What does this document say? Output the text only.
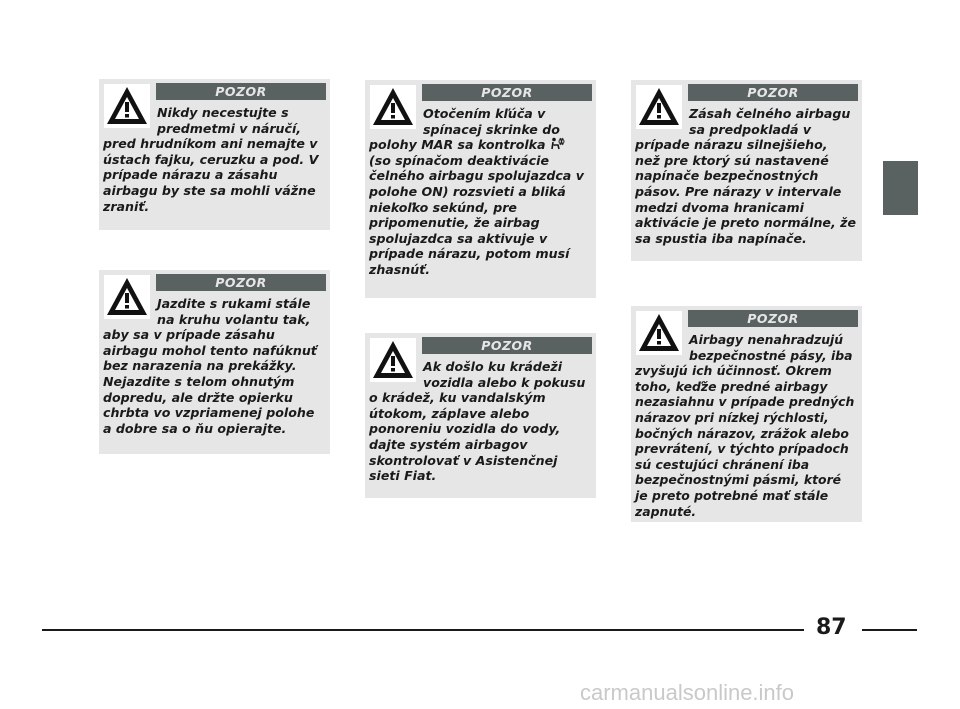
POZOR

Nikdy necestujte s predmetmi v náručí, pred hrudníkom ani nemajte v ústach fajku, ceruzku a pod. V prípade nárazu a zásahu airbagu by ste sa mohli vážne zraniť.

POZOR

Jazdite s rukami stále na kruhu volantu tak, aby sa v prípade zásahu airbagu mohol tento nafúknuť bez narazenia na prekážky. Nejazdite s telom ohnutým dopredu, ale držte opierku chrbta vo vzpriamenej polohe a dobre sa o ňu opierajte.

POZOR

Otočením kľúča v spínacej skrinke do polohy MAR sa kontrolka  (so spínačom deaktivácie čelného airbagu spolujazdca v polohe ON) rozsvieti a bliká niekoľko sekúnd, pre pripomenutie, že airbag spolujazdca sa aktivuje v prípade nárazu, potom musí zhasnúť.

POZOR

Ak došlo ku krádeži vozidla alebo k pokusu o krádež, ku vandalským útokom, záplave alebo ponoreniu vozidla do vody, dajte systém airbagov skontrolovať v Asistenčnej sieti Fiat.

POZOR

Zásah čelného airbagu sa predpokladá v prípade nárazu silnejšieho, než pre ktorý sú nastavené napínače bezpečnostných pásov. Pre nárazy v intervale medzi dvoma hranicami aktivácie je preto normálne, že sa spustia iba napínače.

POZOR

Airbagy nenahradzujú bezpečnostné pásy, iba zvyšujú ich účinnosť. Okrem toho, keďže predné airbagy nezasiahnu v prípade predných nárazov pri nízkej rýchlosti, bočných nárazov, zrážok alebo prevrátení, v týchto prípadoch sú cestujúci chránení iba bezpečnostnými pásmi, ktoré je preto potrebné mať stále zapnuté.

87
carmanualsonline.info
